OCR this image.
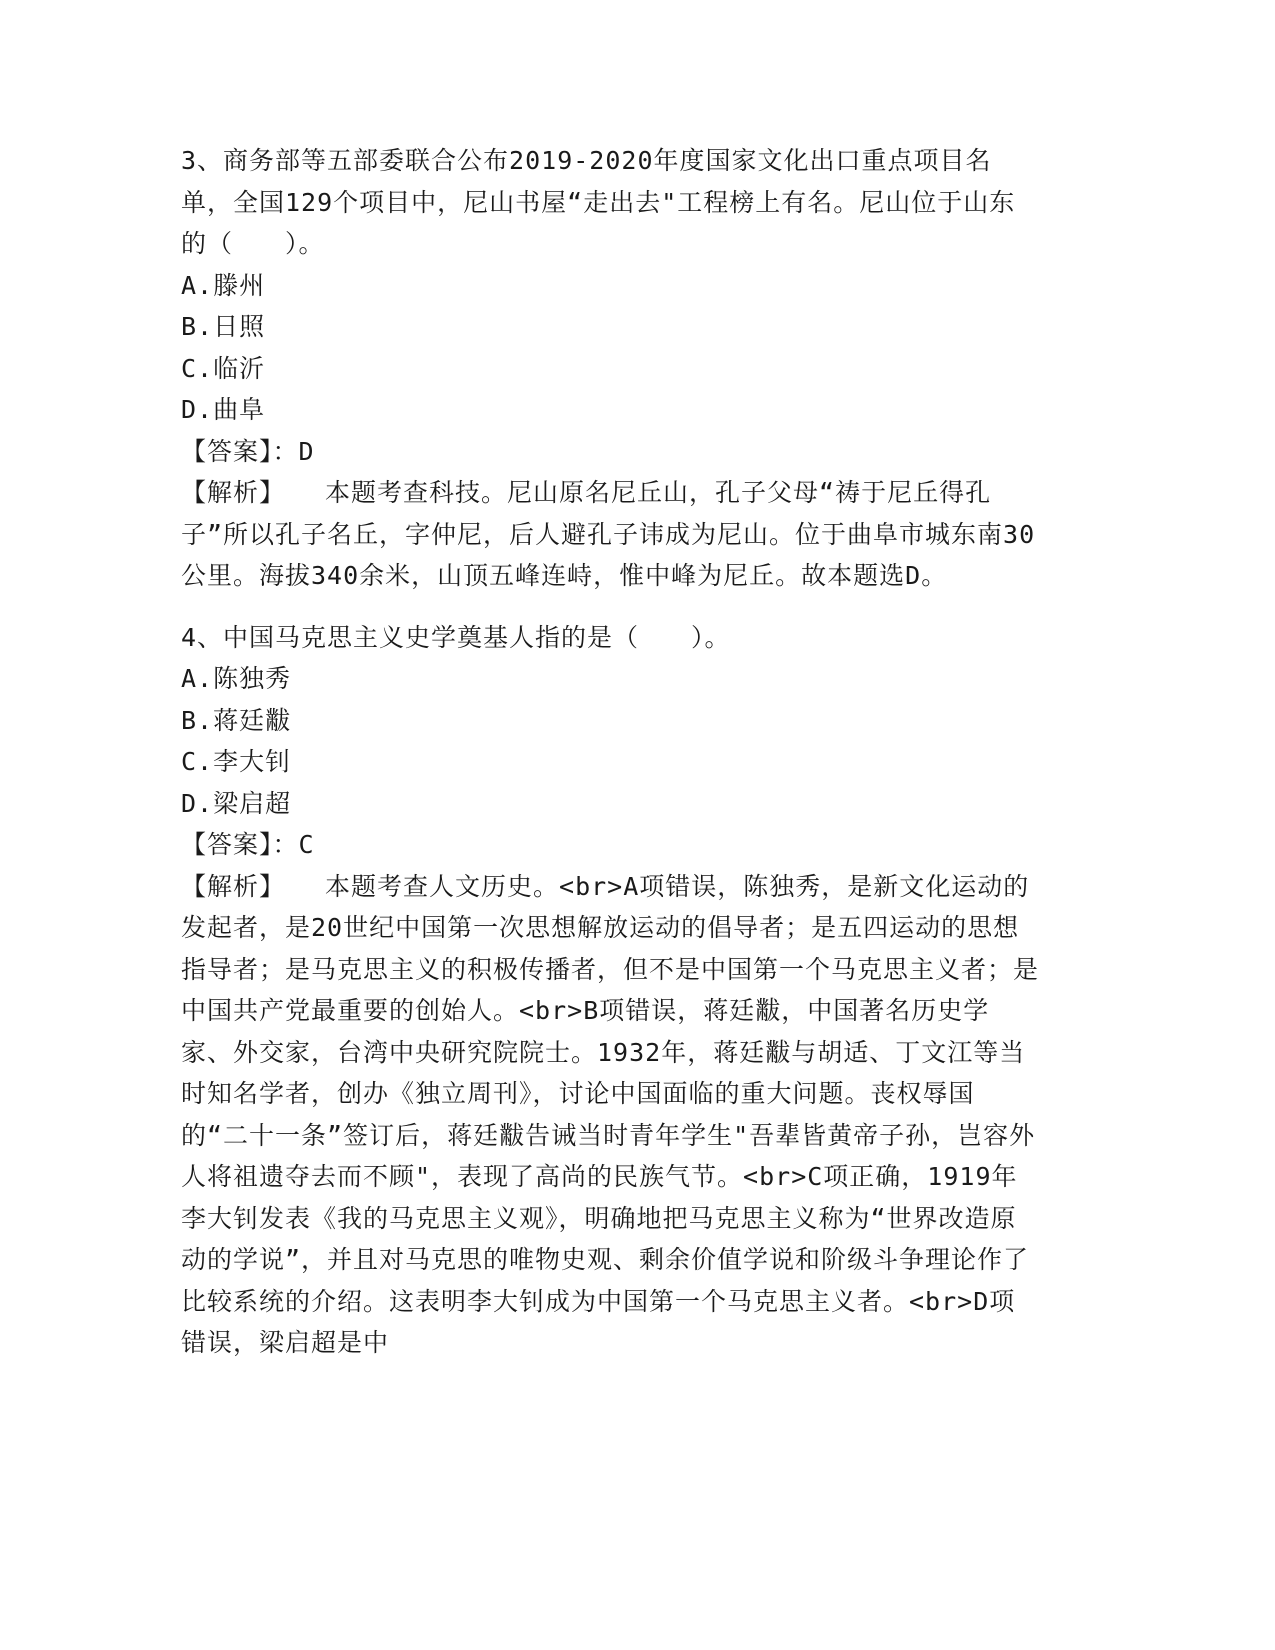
3、商务部等五部委联合公布2019-2020年度国家文化出口重点项目名单，全国129个项目中，尼山书屋“走出去"工程榜上有名。尼山位于山东的（　　）。

A.滕州

B.日照

C.临沂

D.曲阜

【答案】：D

【解析】 本题考查科技。尼山原名尼丘山，孔子父母“祷于尼丘得孔子”所以孔子名丘，字仲尼，后人避孔子讳成为尼山。位于曲阜市城东南30公里。海拔340余米，山顶五峰连峙，惟中峰为尼丘。故本题选D。

4、中国马克思主义史学奠基人指的是（　　）。

A.陈独秀

B.蒋廷黻

C.李大钊

D.梁启超

【答案】：C

【解析】 本题考查人文历史。<br>A项错误，陈独秀，是新文化运动的发起者，是20世纪中国第一次思想解放运动的倡导者；是五四运动的思想指导者；是马克思主义的积极传播者，但不是中国第一个马克思主义者；是中国共产党最重要的创始人。<br>B项错误，蒋廷黻，中国著名历史学家、外交家，台湾中央研究院院士。1932年，蒋廷黻与胡适、丁文江等当时知名学者，创办《独立周刊》，讨论中国面临的重大问题。丧权辱国的“二十一条”签订后，蒋廷黻告诫当时青年学生"吾辈皆黄帝子孙，岂容外人将祖遗夺去而不顾"，表现了高尚的民族气节。<br>C项正确，1919年李大钊发表《我的马克思主义观》，明确地把马克思主义称为“世界改造原动的学说”，并且对马克思的唯物史观、剩余价值学说和阶级斗争理论作了比较系统的介绍。这表明李大钊成为中国第一个马克思主义者。<br>D项错误，梁启超是中
